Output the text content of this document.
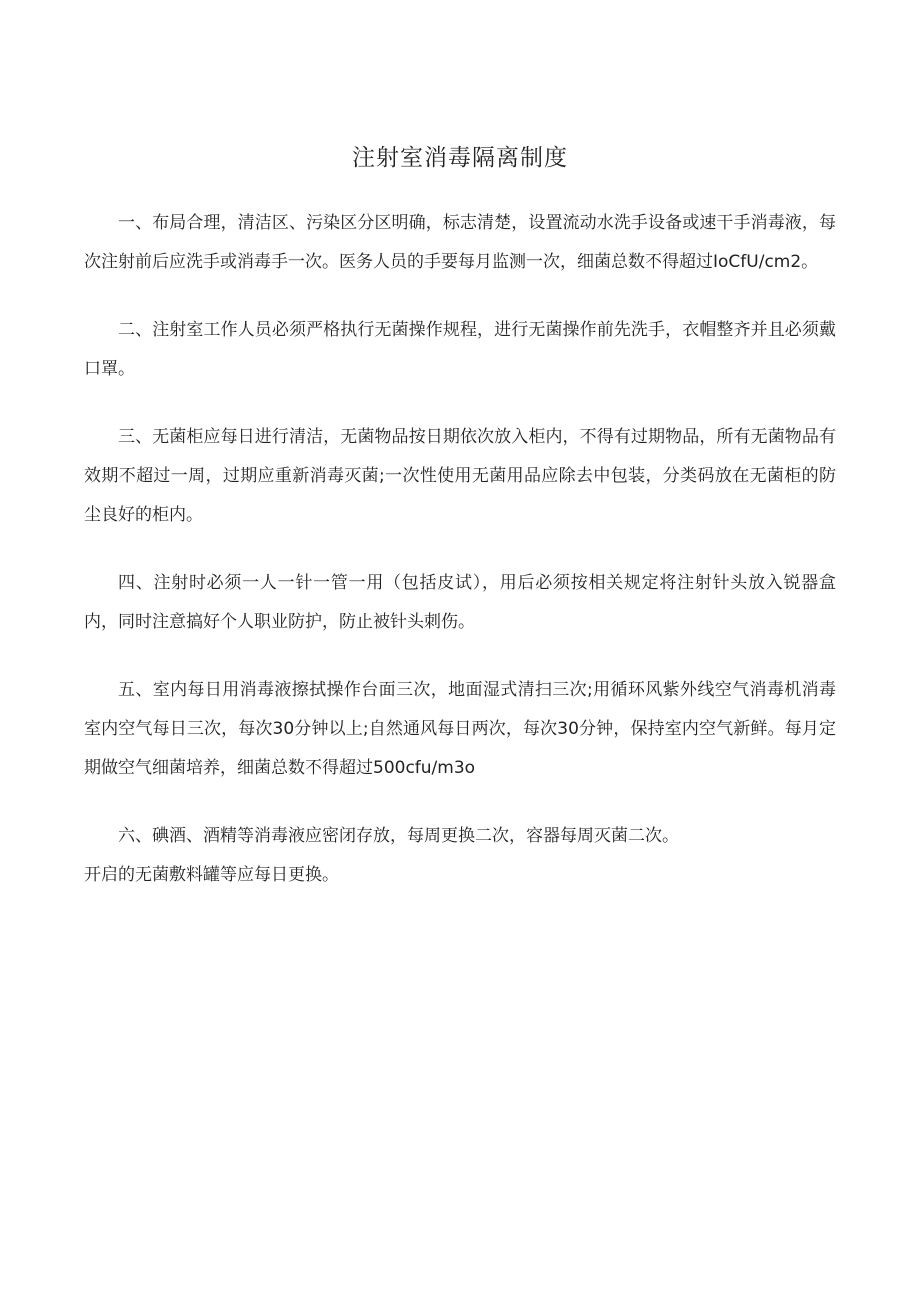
注射室消毒隔离制度

一、布局合理，清洁区、污染区分区明确，标志清楚，设置流动水洗手设备或速干手消毒液，每次注射前后应洗手或消毒手一次。医务人员的手要每月监测一次，细菌总数不得超过IoCfU/cm2。

二、注射室工作人员必须严格执行无菌操作规程，进行无菌操作前先洗手，衣帽整齐并且必须戴口罩。

三、无菌柜应每日进行清洁，无菌物品按日期依次放入柜内，不得有过期物品，所有无菌物品有效期不超过一周，过期应重新消毒灭菌;一次性使用无菌用品应除去中包装，分类码放在无菌柜的防尘良好的柜内。

四、注射时必须一人一针一管一用（包括皮试），用后必须按相关规定将注射针头放入锐器盒内，同时注意搞好个人职业防护，防止被针头刺伤。

五、室内每日用消毒液擦拭操作台面三次，地面湿式清扫三次;用循环风紫外线空气消毒机消毒室内空气每日三次，每次30分钟以上;自然通风每日两次，每次30分钟，保持室内空气新鲜。每月定期做空气细菌培养，细菌总数不得超过500cfu∕m3o

六、碘酒、酒精等消毒液应密闭存放，每周更换二次，容器每周灭菌二次。

开启的无菌敷料罐等应每日更换。
